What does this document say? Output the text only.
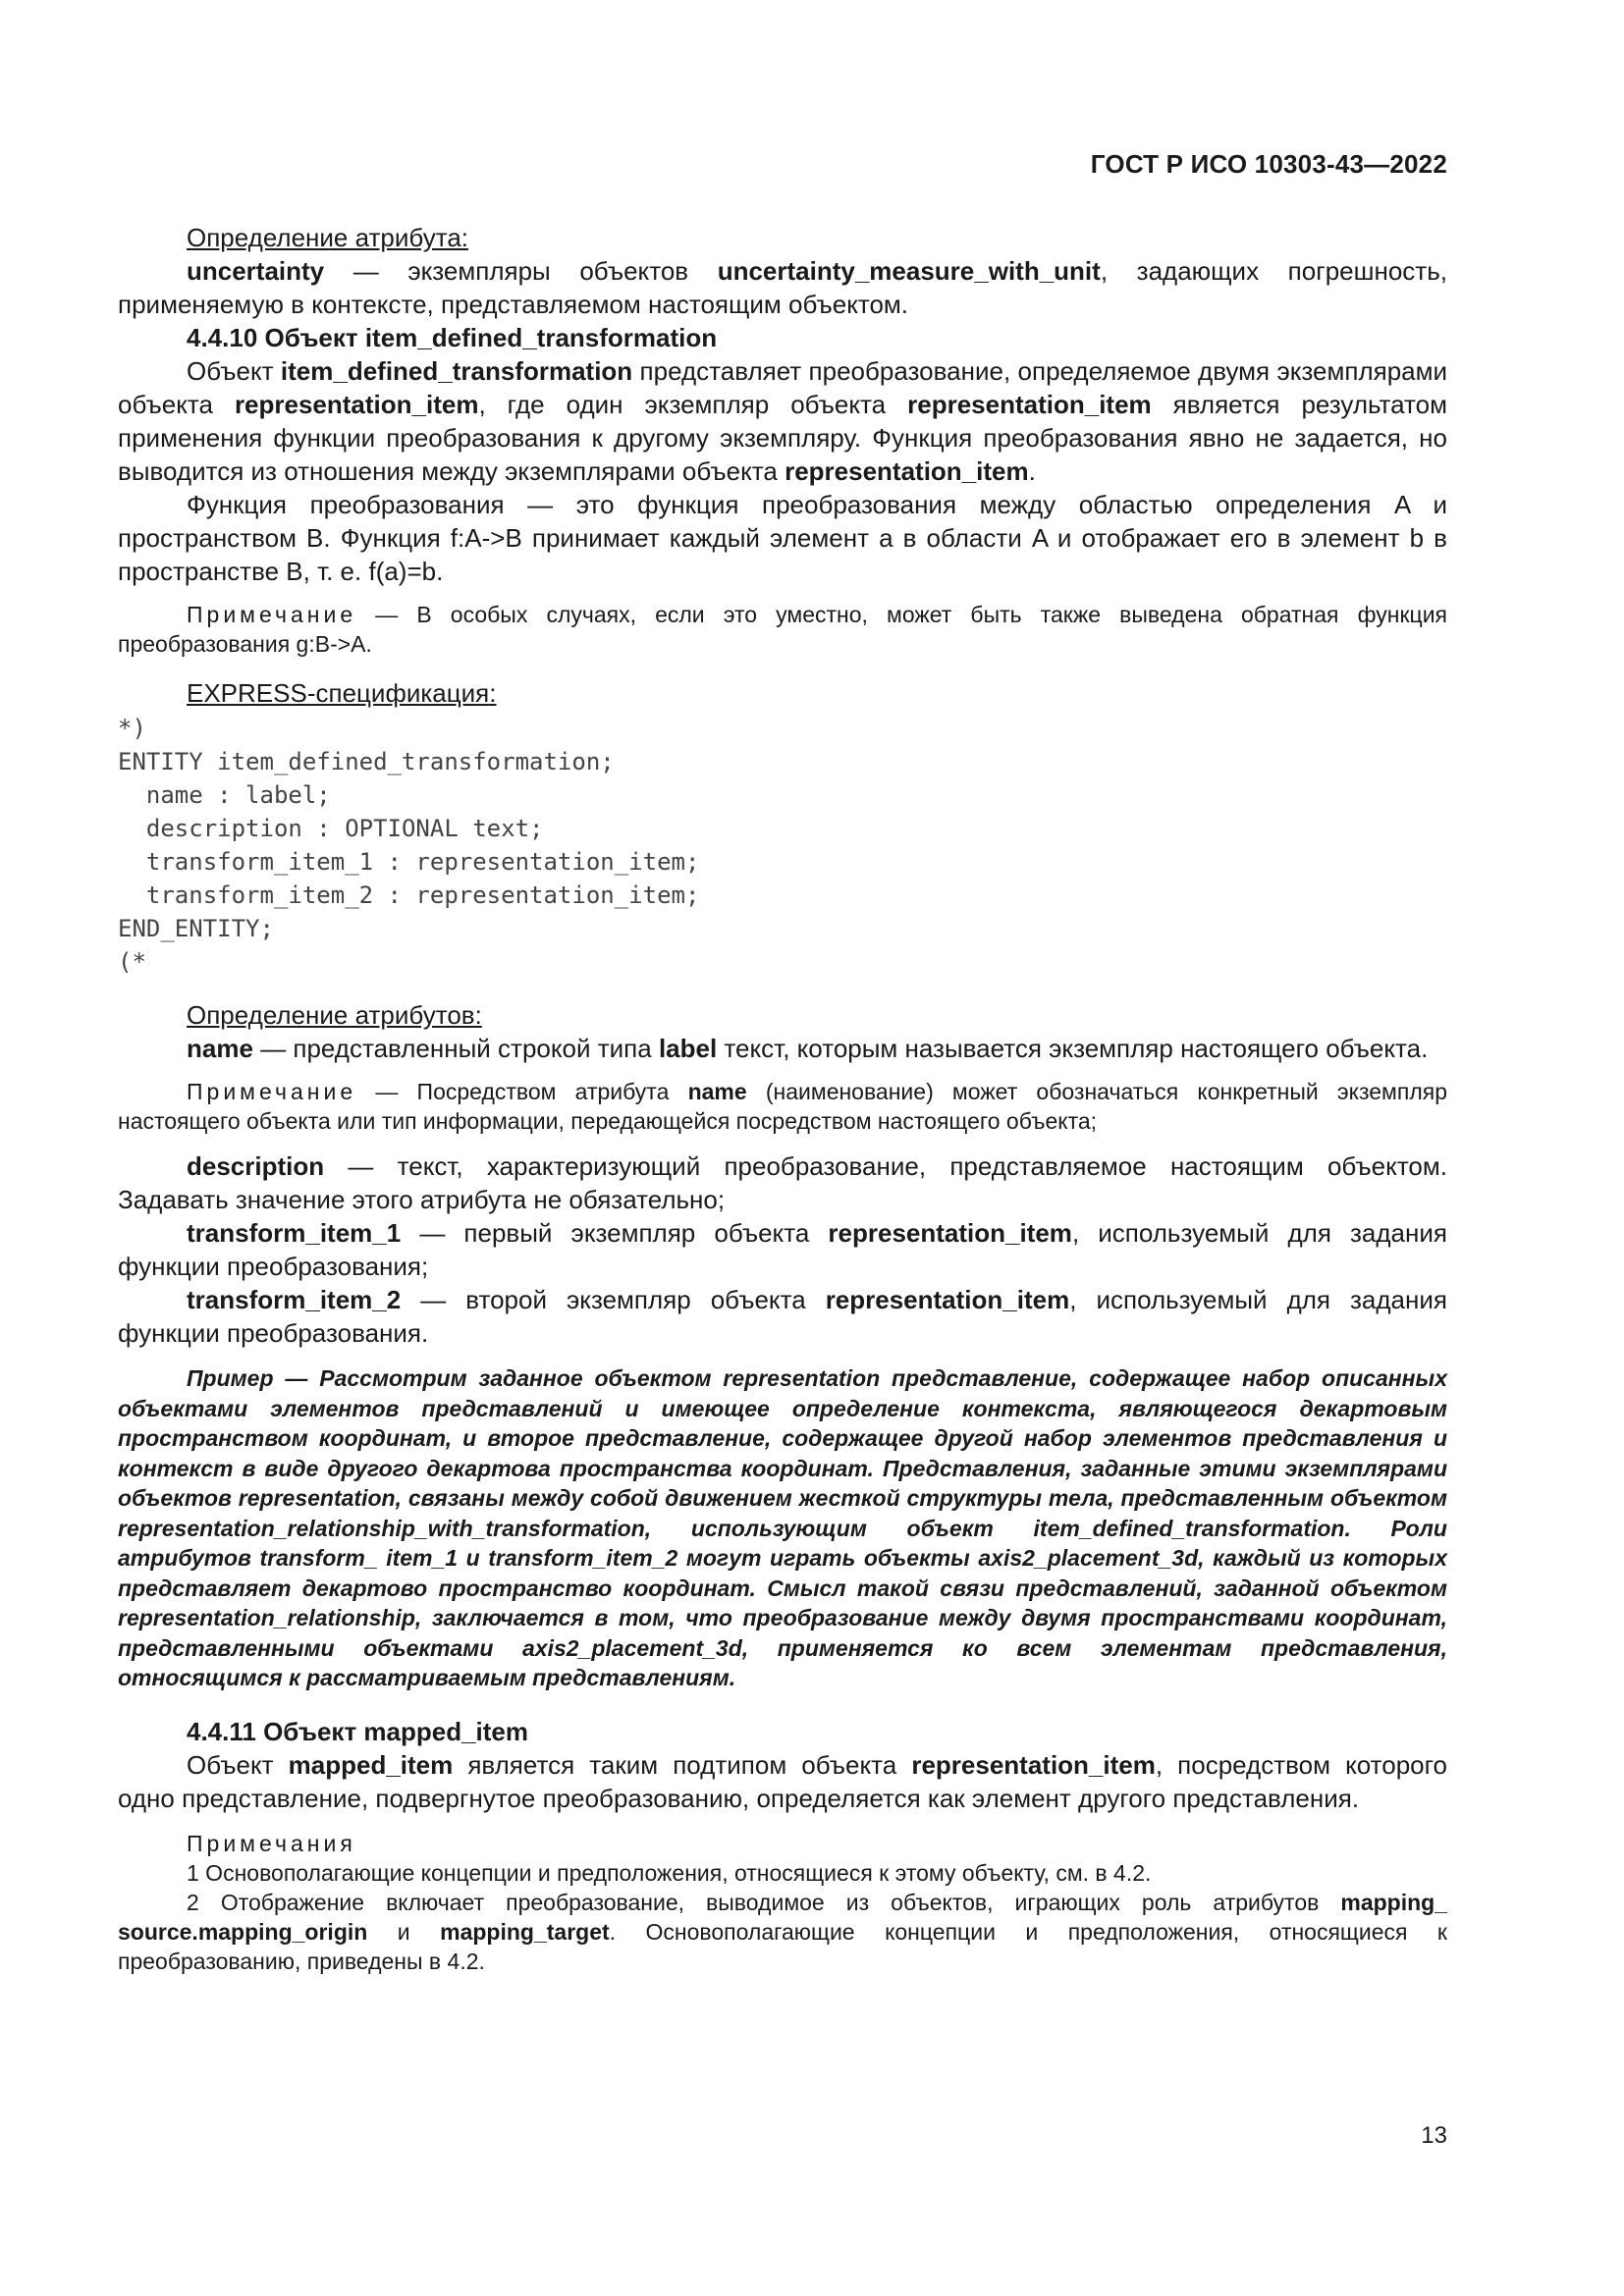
ГОСТ Р ИСО 10303-43—2022
Определение атрибута:

uncertainty — экземпляры объектов uncertainty_measure_with_unit, задающих погрешность, применяемую в контексте, представляемом настоящим объектом.

4.4.10 Объект item_defined_transformation

Объект item_defined_transformation представляет преобразование, определяемое двумя экземплярами объекта representation_item, где один экземпляр объекта representation_item является результатом применения функции преобразования к другому экземпляру. Функция преобразования явно не задается, но выводится из отношения между экземплярами объекта representation_item.

Функция преобразования — это функция преобразования между областью определения A и пространством B. Функция f:A->B принимает каждый элемент a в области A и отображает его в элемент b в пространстве B, т. е. f(a)=b.

Примечание — В особых случаях, если это уместно, может быть также выведена обратная функция преобразования g:B->A.

EXPRESS-спецификация:
*)
ENTITY item_defined_transformation;
name : label;
description : OPTIONAL text;
transform_item_1 : representation_item;
transform_item_2 : representation_item;
END_ENTITY;
(*
Определение атрибутов:

name — представленный строкой типа label текст, которым называется экземпляр настоящего объекта.

Примечание — Посредством атрибута name (наименование) может обозначаться конкретный экземпляр настоящего объекта или тип информации, передающейся посредством настоящего объекта;

description — текст, характеризующий преобразование, представляемое настоящим объектом. Задавать значение этого атрибута не обязательно;

transform_item_1 — первый экземпляр объекта representation_item, используемый для задания функции преобразования;

transform_item_2 — второй экземпляр объекта representation_item, используемый для задания функции преобразования.

Пример — Рассмотрим заданное объектом representation представление, содержащее набор описанных объектами элементов представлений и имеющее определение контекста, являющегося декартовым пространством координат, и второе представление, содержащее другой набор элементов представления и контекст в виде другого декартова пространства координат. Представления, заданные этими экземплярами объектов representation, связаны между собой движением жесткой структуры тела, представленным объектом representation_relationship_with_transformation, использующим объект item_defined_transformation. Роли атрибутов transform_ item_1 и transform_item_2 могут играть объекты axis2_placement_3d, каждый из которых представляет декартово пространство координат. Смысл такой связи представлений, заданной объектом representation_relationship, заключается в том, что преобразование между двумя пространствами координат, представленными объектами axis2_placement_3d, применяется ко всем элементам представления, относящимся к рассматриваемым представлениям.

4.4.11 Объект mapped_item

Объект mapped_item является таким подтипом объекта representation_item, посредством которого одно представление, подвергнутое преобразованию, определяется как элемент другого представления.

Примечания

1 Основополагающие концепции и предположения, относящиеся к этому объекту, см. в 4.2.

2 Отображение включает преобразование, выводимое из объектов, играющих роль атрибутов mapping_ source.mapping_origin и mapping_target. Основополагающие концепции и предположения, относящиеся к преобразованию, приведены в 4.2.

13
